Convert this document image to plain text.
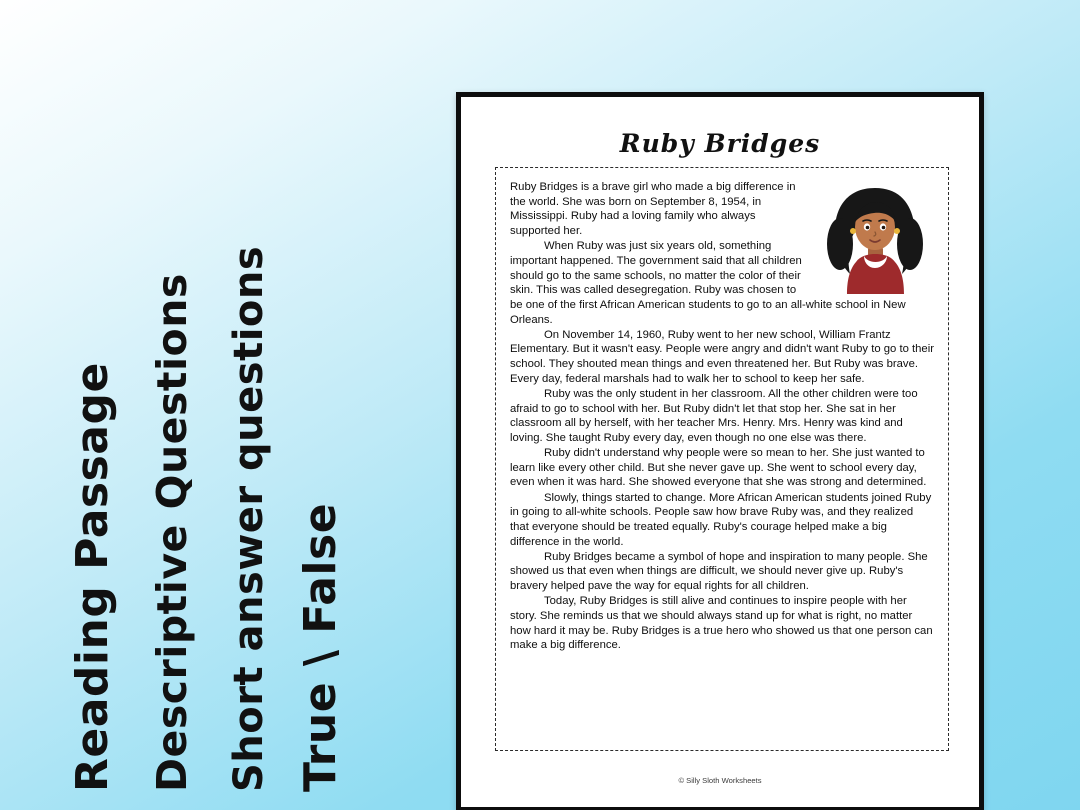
Reading Passage Descriptive Questions Short answer questions True \ False
Ruby Bridges

Ruby Bridges is a brave girl who made a big difference in the world. She was born on September 8, 1954, in Mississippi. Ruby had a loving family who always supported her.

When Ruby was just six years old, something important happened. The government said that all children should go to the same schools, no matter the color of their skin. This was called desegregation. Ruby was chosen to be one of the first African American students to go to an all-white school in New Orleans.

On November 14, 1960, Ruby went to her new school, William Frantz Elementary. But it wasn't easy. People were angry and didn't want Ruby to go to their school. They shouted mean things and even threatened her. But Ruby was brave. Every day, federal marshals had to walk her to school to keep her safe.

Ruby was the only student in her classroom. All the other children were too afraid to go to school with her. But Ruby didn't let that stop her. She sat in her classroom all by herself, with her teacher Mrs. Henry. Mrs. Henry was kind and loving. She taught Ruby every day, even though no one else was there.

Ruby didn't understand why people were so mean to her. She just wanted to learn like every other child. But she never gave up. She went to school every day, even when it was hard. She showed everyone that she was strong and determined.

Slowly, things started to change. More African American students joined Ruby in going to all-white schools. People saw how brave Ruby was, and they realized that everyone should be treated equally. Ruby's courage helped make a big difference in the world.

Ruby Bridges became a symbol of hope and inspiration to many people. She showed us that even when things are difficult, we should never give up. Ruby's bravery helped pave the way for equal rights for all children.

Today, Ruby Bridges is still alive and continues to inspire people with her story. She reminds us that we should always stand up for what is right, no matter how hard it may be. Ruby Bridges is a true hero who showed us that one person can make a big difference.

© Silly Sloth Worksheets
